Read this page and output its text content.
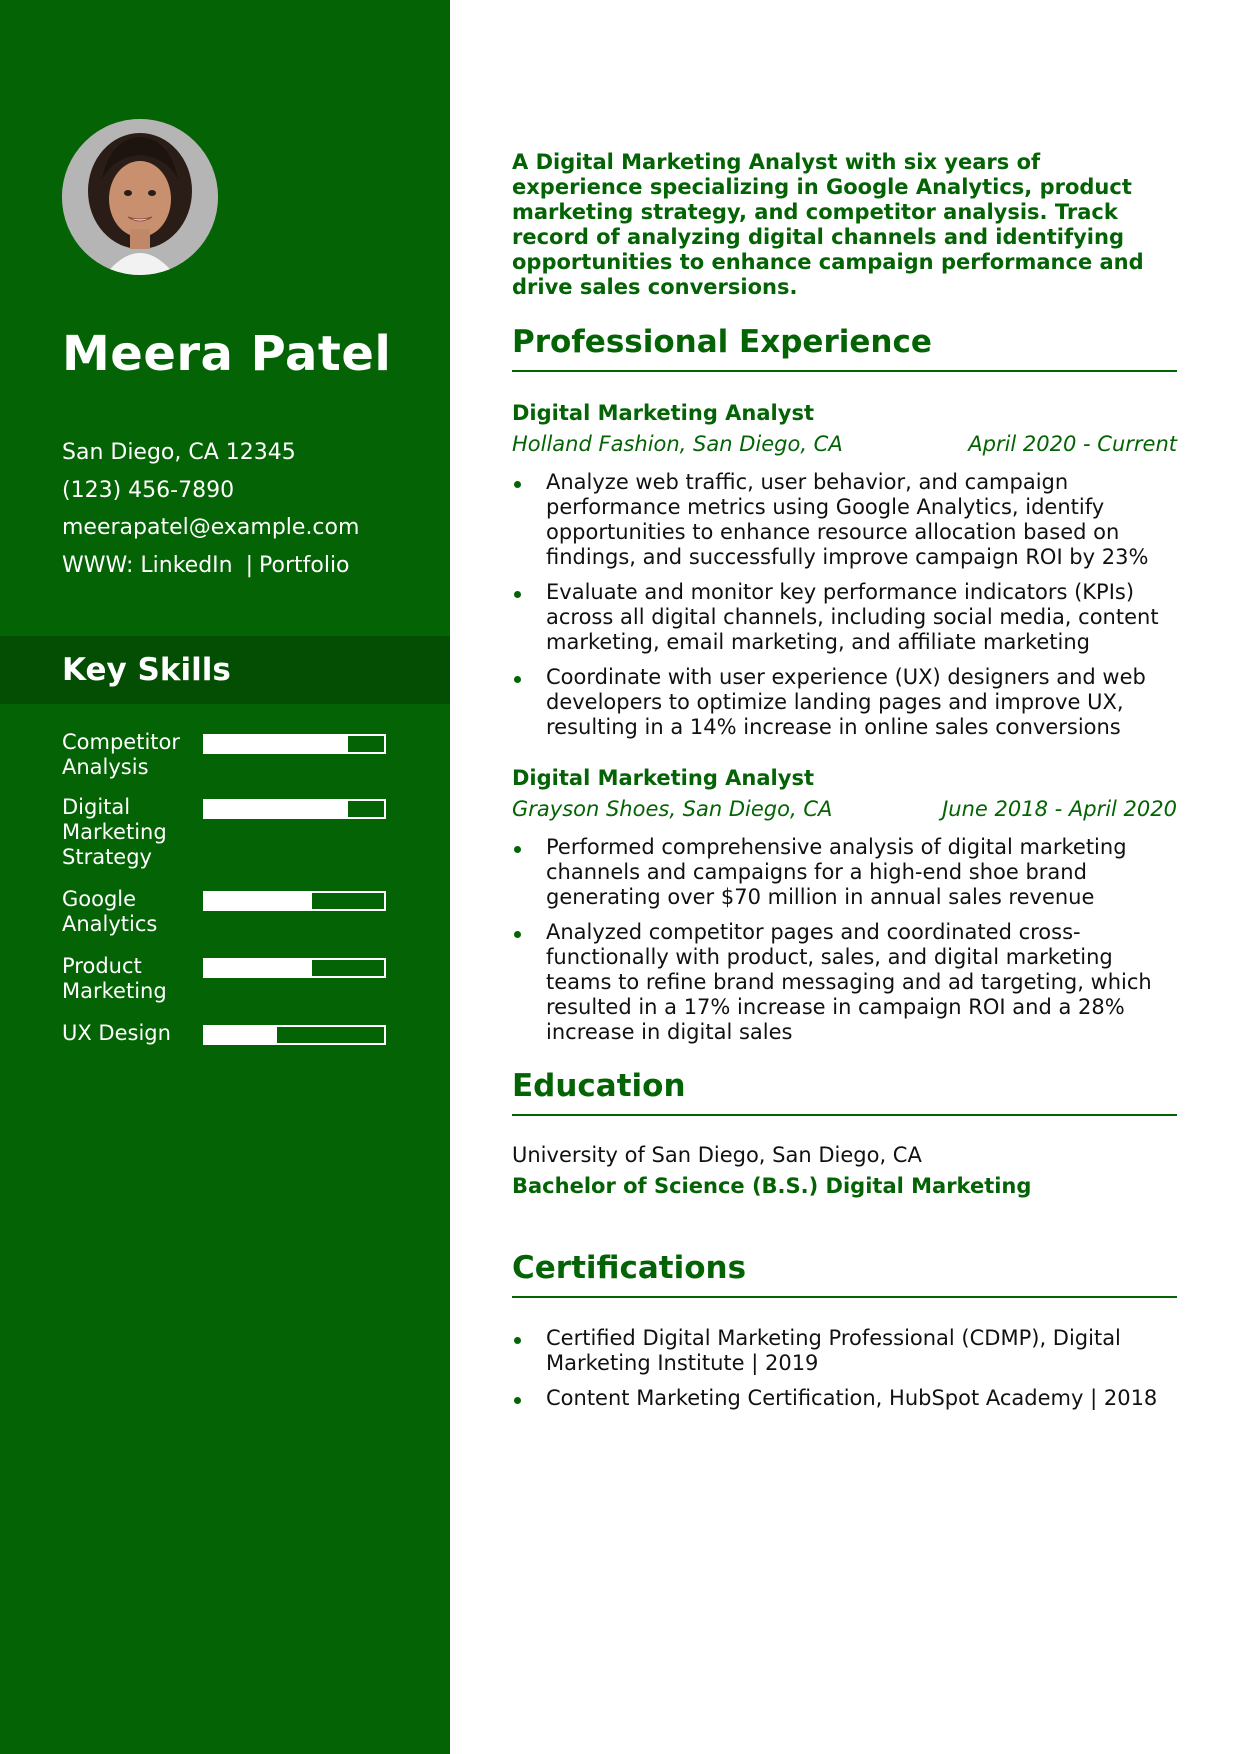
Meera Patel
San Diego, CA 12345
(123) 456-7890
meerapatel@example.com
WWW: LinkedIn | Portfolio
Key Skills
Competitor Analysis
Digital Marketing Strategy
Google Analytics
Product Marketing
UX Design
A Digital Marketing Analyst with six years of experience specializing in Google Analytics, product marketing strategy, and competitor analysis. Track record of analyzing digital channels and identifying opportunities to enhance campaign performance and drive sales conversions.
Professional Experience
Digital Marketing Analyst
Holland Fashion, San Diego, CA	April 2020 - Current
Analyze web traffic, user behavior, and campaign performance metrics using Google Analytics, identify opportunities to enhance resource allocation based on findings, and successfully improve campaign ROI by 23%
Evaluate and monitor key performance indicators (KPIs) across all digital channels, including social media, content marketing, email marketing, and affiliate marketing
Coordinate with user experience (UX) designers and web developers to optimize landing pages and improve UX, resulting in a 14% increase in online sales conversions
Digital Marketing Analyst
Grayson Shoes, San Diego, CA	June 2018 - April 2020
Performed comprehensive analysis of digital marketing channels and campaigns for a high-end shoe brand generating over $70 million in annual sales revenue
Analyzed competitor pages and coordinated cross-functionally with product, sales, and digital marketing teams to refine brand messaging and ad targeting, which resulted in a 17% increase in campaign ROI and a 28% increase in digital sales
Education
University of San Diego, San Diego, CA
Bachelor of Science (B.S.) Digital Marketing
Certifications
Certified Digital Marketing Professional (CDMP), Digital Marketing Institute | 2019
Content Marketing Certification, HubSpot Academy | 2018
